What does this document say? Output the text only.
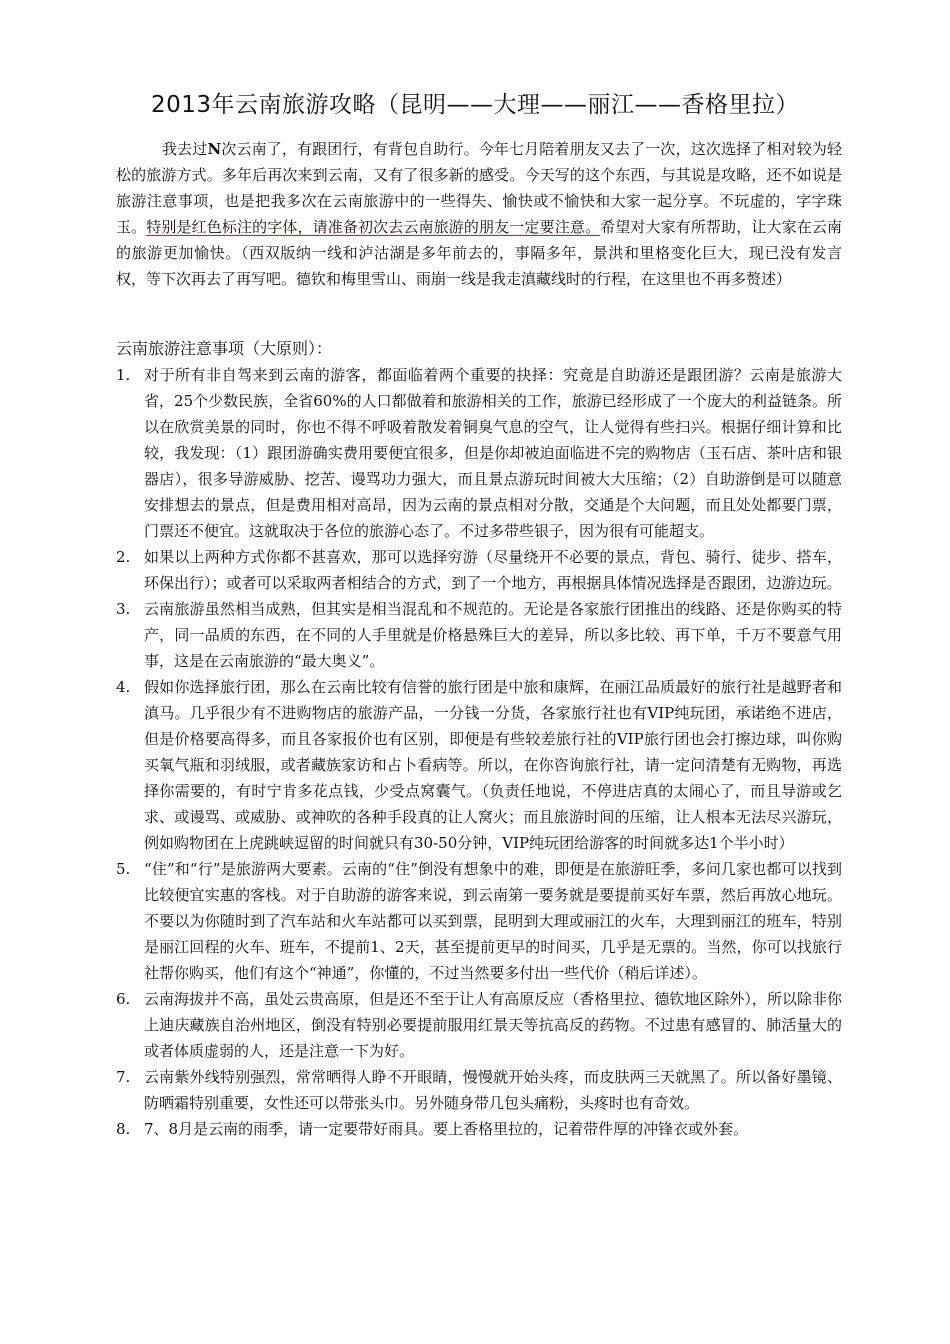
2013年云南旅游攻略（昆明——大理——丽江——香格里拉）

我去过N次云南了，有跟团行，有背包自助行。今年七月陪着朋友又去了一次，这次选择了相对较为轻松的旅游方式。多年后再次来到云南，又有了很多新的感受。今天写的这个东西，与其说是攻略，还不如说是旅游注意事项，也是把我多次在云南旅游中的一些得失、愉快或不愉快和大家一起分享。不玩虚的，字字珠玉。特别是红色标注的字体，请准备初次去云南旅游的朋友一定要注意。希望对大家有所帮助，让大家在云南的旅游更加愉快。（西双版纳一线和泸沽湖是多年前去的，事隔多年，景洪和里格变化巨大，现已没有发言权，等下次再去了再写吧。德钦和梅里雪山、雨崩一线是我走滇藏线时的行程，在这里也不再多赘述）

云南旅游注意事项（大原则）：
1. 对于所有非自驾来到云南的游客，都面临着两个重要的抉择：究竟是自助游还是跟团游？云南是旅游大省，25个少数民族，全省60%的人口都做着和旅游相关的工作，旅游已经形成了一个庞大的利益链条。所以在欣赏美景的同时，你也不得不呼吸着散发着铜臭气息的空气，让人觉得有些扫兴。根据仔细计算和比较，我发现：（1）跟团游确实费用要便宜很多，但是你却被迫面临进不完的购物店（玉石店、茶叶店和银器店），很多导游威胁、挖苦、谩骂功力强大，而且景点游玩时间被大大压缩；（2）自助游倒是可以随意安排想去的景点，但是费用相对高昂，因为云南的景点相对分散，交通是个大问题，而且处处都要门票，门票还不便宜。这就取决于各位的旅游心态了。不过多带些银子，因为很有可能超支。
2. 如果以上两种方式你都不甚喜欢，那可以选择穷游（尽量绕开不必要的景点，背包、骑行、徒步、搭车，环保出行）；或者可以采取两者相结合的方式，到了一个地方，再根据具体情况选择是否跟团，边游边玩。
3. 云南旅游虽然相当成熟，但其实是相当混乱和不规范的。无论是各家旅行团推出的线路、还是你购买的特产，同一品质的东西，在不同的人手里就是价格悬殊巨大的差异，所以多比较、再下单，千万不要意气用事，这是在云南旅游的“最大奥义”。
4. 假如你选择旅行团，那么在云南比较有信誉的旅行团是中旅和康辉，在丽江品质最好的旅行社是越野者和滇马。几乎很少有不进购物店的旅游产品，一分钱一分货，各家旅行社也有VIP纯玩团，承诺绝不进店，但是价格要高得多，而且各家报价也有区别，即便是有些较差旅行社的VIP旅行团也会打擦边球，叫你购买氧气瓶和羽绒服，或者藏族家访和占卜看病等。所以，在你咨询旅行社，请一定问清楚有无购物，再选择你需要的，有时宁肯多花点钱，少受点窝囊气。（负责任地说，不停进店真的太闹心了，而且导游或乞求、或谩骂、或威胁、或神吹的各种手段真的让人窝火；而且旅游时间的压缩，让人根本无法尽兴游玩，例如购物团在上虎跳峡逗留的时间就只有30-50分钟，VIP纯玩团给游客的时间就多达1个半小时）
5. “住”和“行”是旅游两大要素。云南的“住”倒没有想象中的难，即便是在旅游旺季，多问几家也都可以找到比较便宜实惠的客栈。对于自助游的游客来说，到云南第一要务就是要提前买好车票，然后再放心地玩。不要以为你随时到了汽车站和火车站都可以买到票，昆明到大理或丽江的火车，大理到丽江的班车，特别是丽江回程的火车、班车，不提前1、2天，甚至提前更早的时间买，几乎是无票的。当然，你可以找旅行社帮你购买，他们有这个“神通”，你懂的，不过当然要多付出一些代价（稍后详述）。
6. 云南海拔并不高，虽处云贵高原，但是还不至于让人有高原反应（香格里拉、德钦地区除外），所以除非你上迪庆藏族自治州地区，倒没有特别必要提前服用红景天等抗高反的药物。不过患有感冒的、肺活量大的或者体质虚弱的人，还是注意一下为好。
7. 云南紫外线特别强烈，常常晒得人睁不开眼睛，慢慢就开始头疼，而皮肤两三天就黑了。所以备好墨镜、防晒霜特别重要，女性还可以带张头巾。另外随身带几包头痛粉，头疼时也有奇效。
8. 7、8月是云南的雨季，请一定要带好雨具。要上香格里拉的，记着带件厚的冲锋衣或外套。
